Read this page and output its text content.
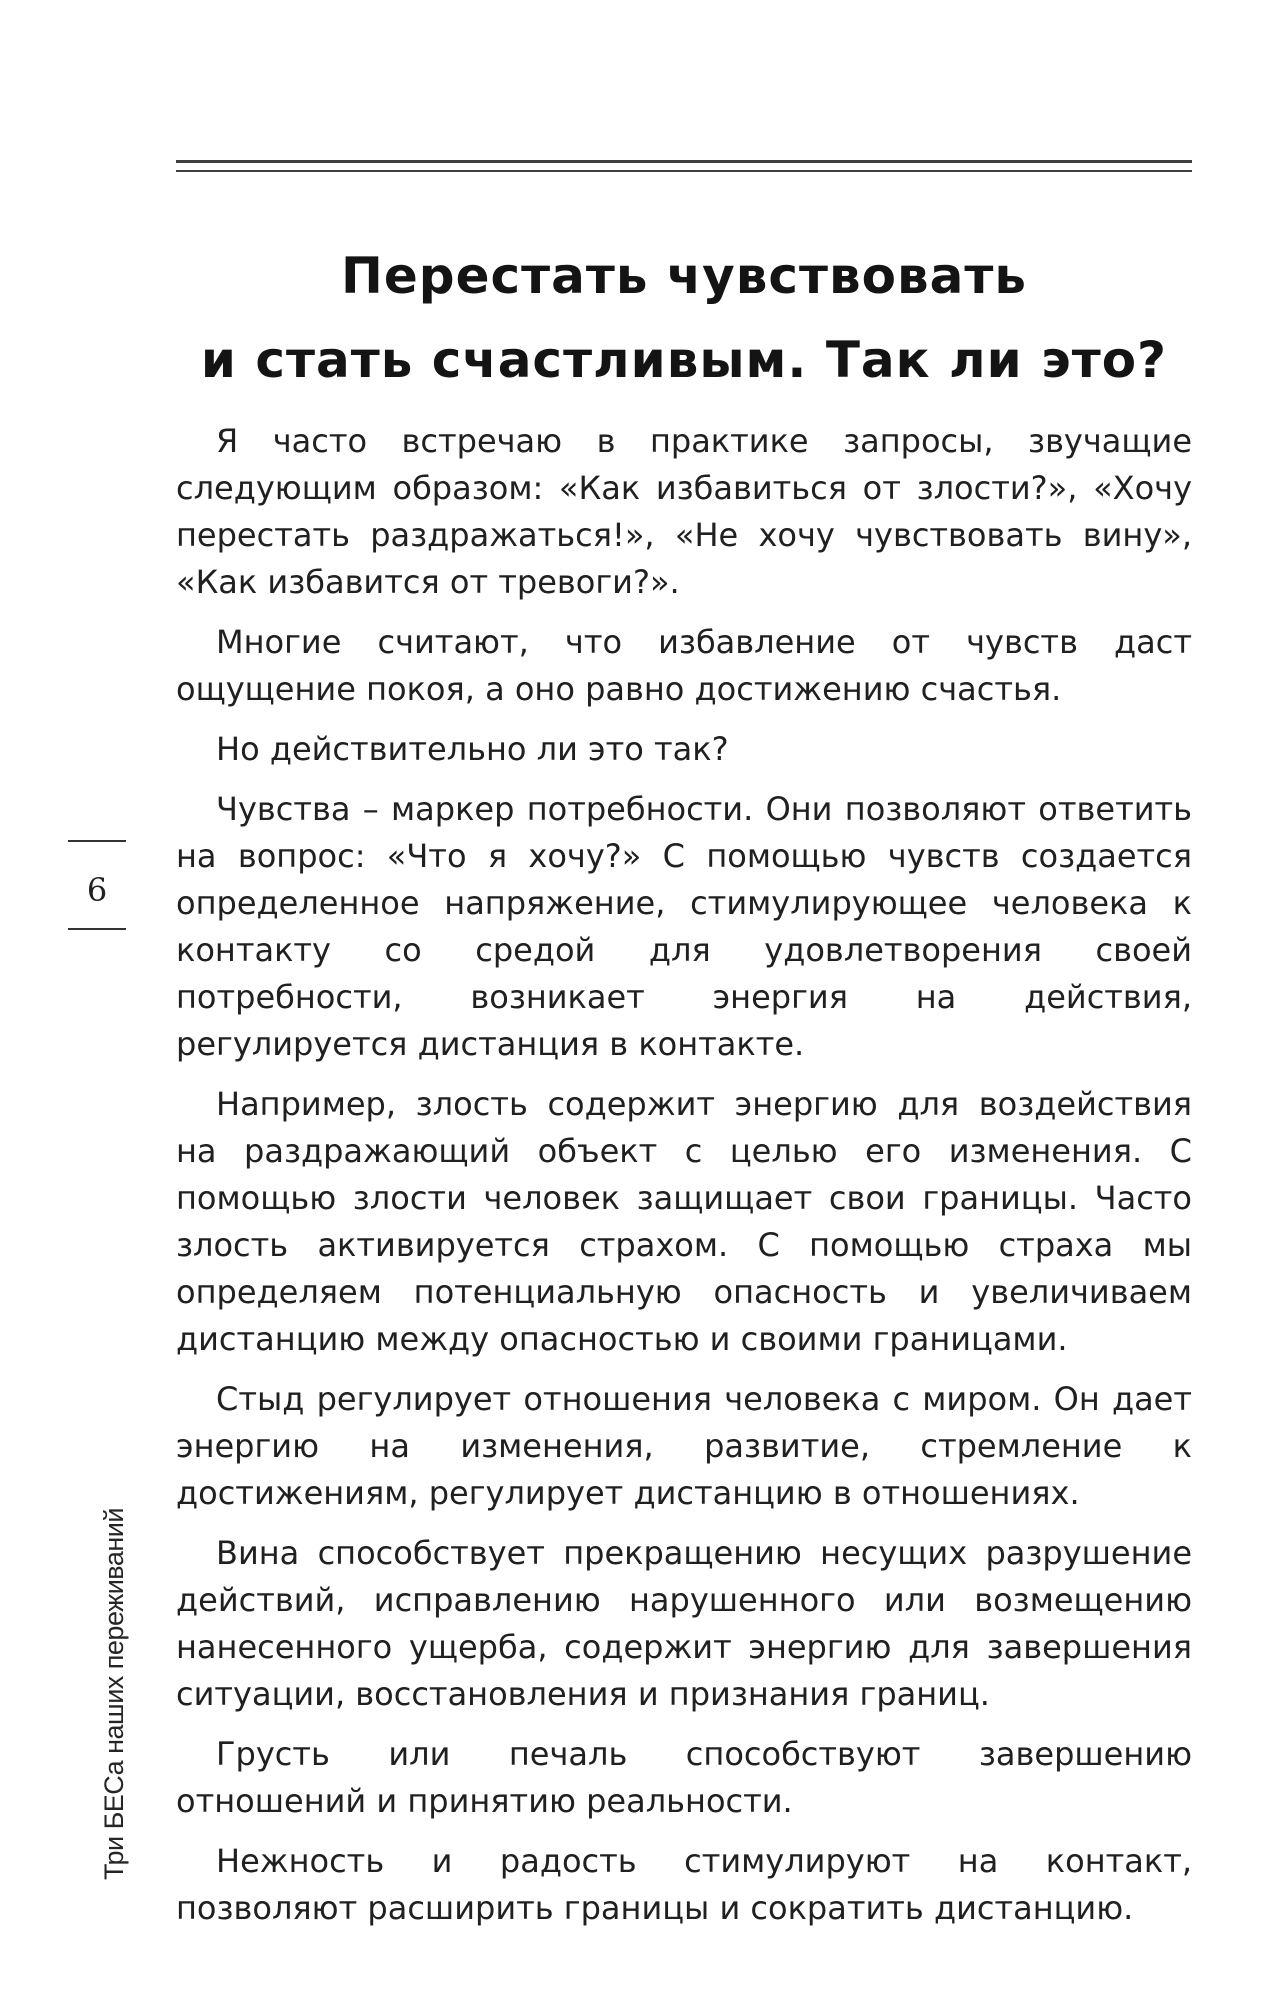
Перестать чувствовать
и стать счастливым. Так ли это?
6
Три БЕСа наших переживаний

Я часто встречаю в практике запросы, звучащие следующим образом: «Как избавиться от злости?», «Хочу перестать раздражаться!», «Не хочу чувствовать вину», «Как избавится от тревоги?».

Многие считают, что избавление от чувств даст ощущение покоя, а оно равно достижению счастья.

Но действительно ли это так?

Чувства – маркер потребности. Они позволяют ответить на вопрос: «Что я хочу?» С помощью чувств создается определенное напряжение, стимулирующее человека к контакту со средой для удовлетворения своей потребности, возникает энергия на действия, регулируется дистанция в контакте.

Например, злость содержит энергию для воздействия на раздражающий объект с целью его изменения. С помощью злости человек защищает свои границы. Часто злость активируется страхом. С помощью страха мы определяем потенциальную опасность и увеличиваем дистанцию между опасностью и своими границами.

Стыд регулирует отношения человека с миром. Он дает энергию на изменения, развитие, стремление к достижениям, регулирует дистанцию в отношениях.

Вина способствует прекращению несущих разрушение действий, исправлению нарушенного или возмещению нанесенного ущерба, содержит энергию для завершения ситуации, восстановления и признания границ.

Грусть или печаль способствуют завершению отношений и принятию реальности.

Нежность и радость стимулируют на контакт, позволяют расширить границы и сократить дистанцию.
